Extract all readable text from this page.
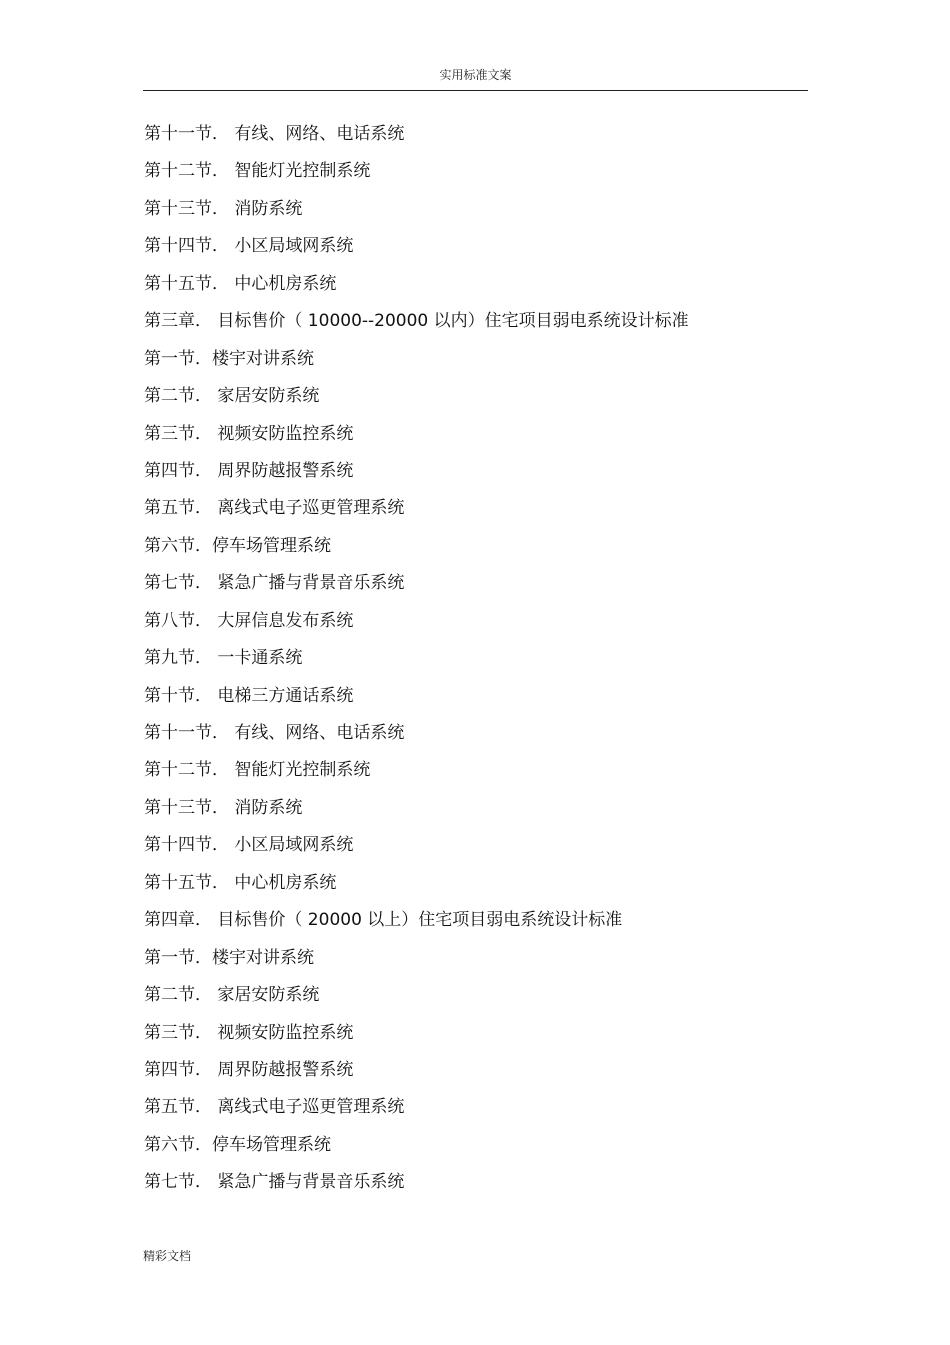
实用标准文案
第十一节． 有线、网络、电话系统
第十二节． 智能灯光控制系统
第十三节． 消防系统
第十四节． 小区局域网系统
第十五节． 中心机房系统
第三章． 目标售价（ 10000--20000 以内）住宅项目弱电系统设计标准
第一节．楼宇对讲系统
第二节． 家居安防系统
第三节． 视频安防监控系统
第四节． 周界防越报警系统
第五节． 离线式电子巡更管理系统
第六节．停车场管理系统
第七节． 紧急广播与背景音乐系统
第八节． 大屏信息发布系统
第九节． 一卡通系统
第十节． 电梯三方通话系统
第十一节． 有线、网络、电话系统
第十二节． 智能灯光控制系统
第十三节． 消防系统
第十四节． 小区局域网系统
第十五节． 中心机房系统
第四章． 目标售价（ 20000 以上）住宅项目弱电系统设计标准
第一节．楼宇对讲系统
第二节． 家居安防系统
第三节． 视频安防监控系统
第四节． 周界防越报警系统
第五节． 离线式电子巡更管理系统
第六节．停车场管理系统
第七节． 紧急广播与背景音乐系统
精彩文档
